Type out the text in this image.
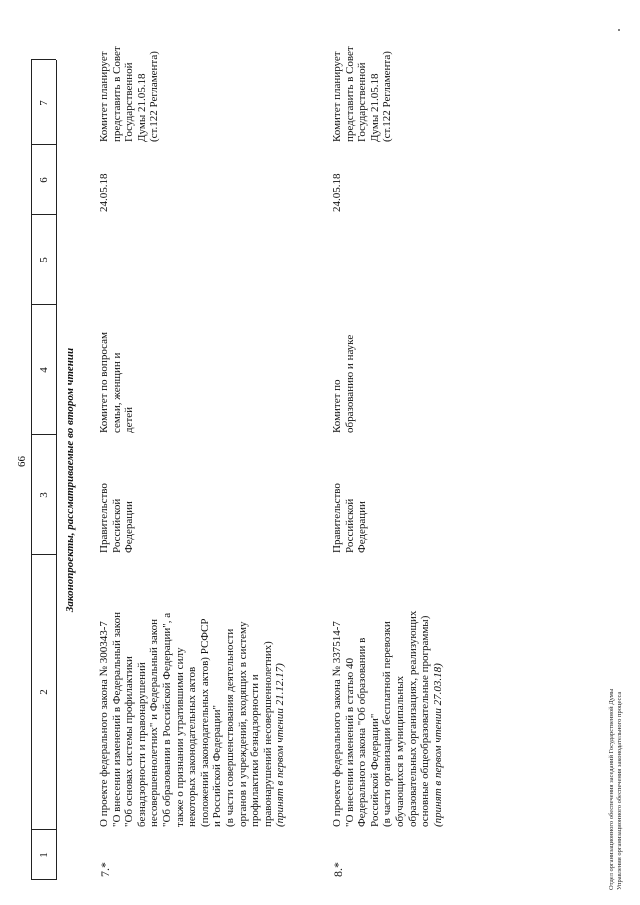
66
1
2
3
4
5
6
7
Законопроекты, рассматриваемые во втором чтении
7.*
О проекте федерального закона № 300343-7 "О внесении изменений в Федеральный закон "Об основах системы профилактики безнадзорности и правонарушений несовершеннолетних" и Федеральный закон "Об образовании в Российской Федерации", а также о признании утратившими силу некоторых законодательных актов (положений законодательных актов) РСФСР и Российской Федерации" (в части совершенствования деятельности органов и учреждений, входящих в систему профилактики безнадзорности и правонарушений несовершеннолетних) (принят в первом чтении 21.12.17)
Правительство Российской Федерации
Комитет по вопросам семьи, женщин и детей
24.05.18
Комитет планирует представить в Совет Государственной Думы 21.05.18 (ст.122 Регламента)
8.*
О проекте федерального закона № 337514-7 "О внесении изменений в статью 40 Федерального закона "Об образовании в Российской Федерации" (в части организации бесплатной перевозки обучающихся в муниципальных образовательных организациях, реализующих основные общеобразовательные программы) (принят в первом чтении 27.03.18)
Правительство Российской Федерации
Комитет по образованию и науке
24.05.18
Комитет планирует представить в Совет Государственной Думы 21.05.18 (ст.122 Регламента)
Отдел организационного обеспечения заседаний Государственной Думы Управления организационного обеспечения законодательного процесса
